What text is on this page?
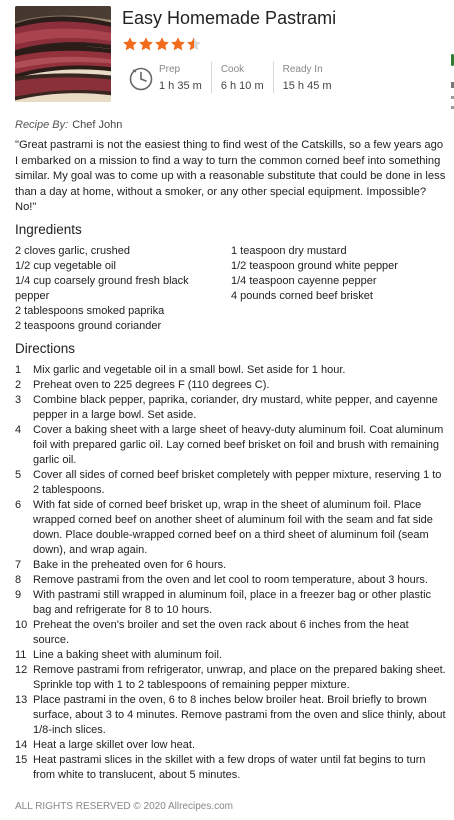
Easy Homemade Pastrami
Prep
1 h 35 m
Cook
6 h 10 m
Ready In
15 h 45 m
Recipe By: Chef John
"Great pastrami is not the easiest thing to find west of the Catskills, so a few years ago I embarked on a mission to find a way to turn the common corned beef into something similar. My goal was to come up with a reasonable substitute that could be done in less than a day at home, without a smoker, or any other special equipment. Impossible? No!"
Ingredients
2 cloves garlic, crushed
1/2 cup vegetable oil
1/4 cup coarsely ground fresh black pepper
2 tablespoons smoked paprika
2 teaspoons ground coriander
1 teaspoon dry mustard
1/2 teaspoon ground white pepper
1/4 teaspoon cayenne pepper
4 pounds corned beef brisket
Directions
1	Mix garlic and vegetable oil in a small bowl. Set aside for 1 hour.
2	Preheat oven to 225 degrees F (110 degrees C).
3	Combine black pepper, paprika, coriander, dry mustard, white pepper, and cayenne pepper in a large bowl. Set aside.
4	Cover a baking sheet with a large sheet of heavy-duty aluminum foil. Coat aluminum foil with prepared garlic oil. Lay corned beef brisket on foil and brush with remaining garlic oil.
5	Cover all sides of corned beef brisket completely with pepper mixture, reserving 1 to 2 tablespoons.
6	With fat side of corned beef brisket up, wrap in the sheet of aluminum foil. Place wrapped corned beef on another sheet of aluminum foil with the seam and fat side down. Place double-wrapped corned beef on a third sheet of aluminum foil (seam down), and wrap again.
7	Bake in the preheated oven for 6 hours.
8	Remove pastrami from the oven and let cool to room temperature, about 3 hours.
9	With pastrami still wrapped in aluminum foil, place in a freezer bag or other plastic bag and refrigerate for 8 to 10 hours.
10 Preheat the oven's broiler and set the oven rack about 6 inches from the heat source.
11 Line a baking sheet with aluminum foil.
12 Remove pastrami from refrigerator, unwrap, and place on the prepared baking sheet. Sprinkle top with 1 to 2 tablespoons of remaining pepper mixture.
13 Place pastrami in the oven, 6 to 8 inches below broiler heat. Broil briefly to brown surface, about 3 to 4 minutes. Remove pastrami from the oven and slice thinly, about 1/8-inch slices.
14 Heat a large skillet over low heat.
15 Heat pastrami slices in the skillet with a few drops of water until fat begins to turn from white to translucent, about 5 minutes.
ALL RIGHTS RESERVED © 2020 Allrecipes.com
